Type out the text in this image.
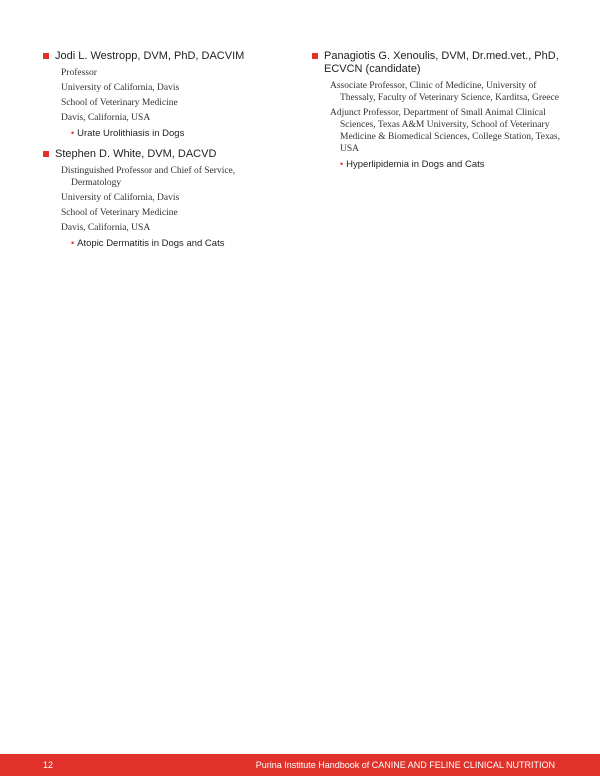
Jodi L. Westropp, DVM, PhD, DACVIM
Professor
University of California, Davis
School of Veterinary Medicine
Davis, California, USA
• Urate Urolithiasis in Dogs
Stephen D. White, DVM, DACVD
Distinguished Professor and Chief of Service, Dermatology
University of California, Davis
School of Veterinary Medicine
Davis, California, USA
• Atopic Dermatitis in Dogs and Cats
Panagiotis G. Xenoulis, DVM, Dr.med.vet., PhD, ECVCN (candidate)
Associate Professor, Clinic of Medicine, University of Thessaly, Faculty of Veterinary Science, Karditsa, Greece
Adjunct Professor, Department of Small Animal Clinical Sciences, Texas A&M University, School of Veterinary Medicine & Biomedical Sciences, College Station, Texas, USA
• Hyperlipidemia in Dogs and Cats
12	Purina Institute Handbook of CANINE AND FELINE CLINICAL NUTRITION
